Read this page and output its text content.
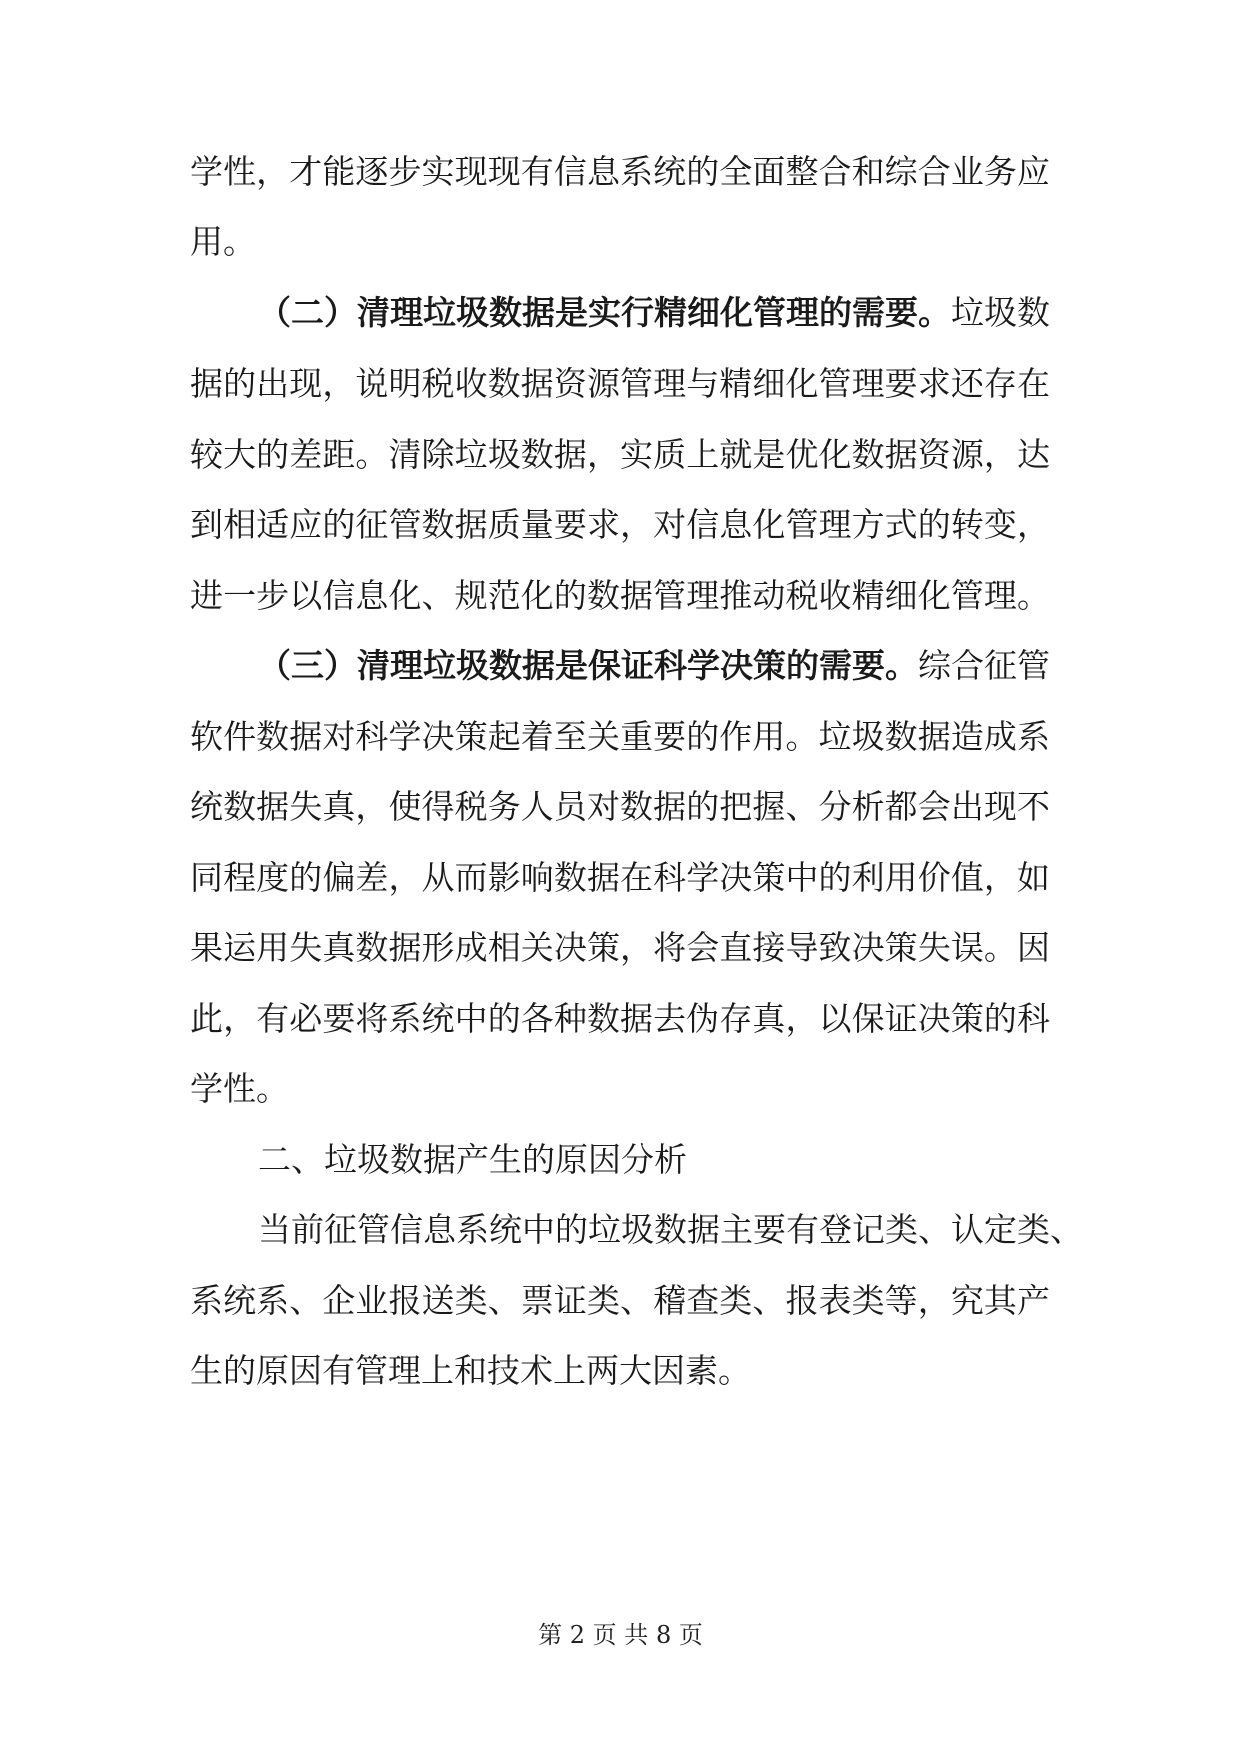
学性，才能逐步实现现有信息系统的全面整合和综合业务应
用。
（二）清理垃圾数据是实行精细化管理的需要。垃圾数
据的出现，说明税收数据资源管理与精细化管理要求还存在
较大的差距。清除垃圾数据，实质上就是优化数据资源，达
到相适应的征管数据质量要求，对信息化管理方式的转变，
进一步以信息化、规范化的数据管理推动税收精细化管理。
（三）清理垃圾数据是保证科学决策的需要。综合征管
软件数据对科学决策起着至关重要的作用。垃圾数据造成系
统数据失真，使得税务人员对数据的把握、分析都会出现不
同程度的偏差，从而影响数据在科学决策中的利用价值，如
果运用失真数据形成相关决策，将会直接导致决策失误。因
此，有必要将系统中的各种数据去伪存真，以保证决策的科
学性。
二、垃圾数据产生的原因分析
当前征管信息系统中的垃圾数据主要有登记类、认定类、
系统系、企业报送类、票证类、稽查类、报表类等，究其产
生的原因有管理上和技术上两大因素。
第 2 页 共 8 页
